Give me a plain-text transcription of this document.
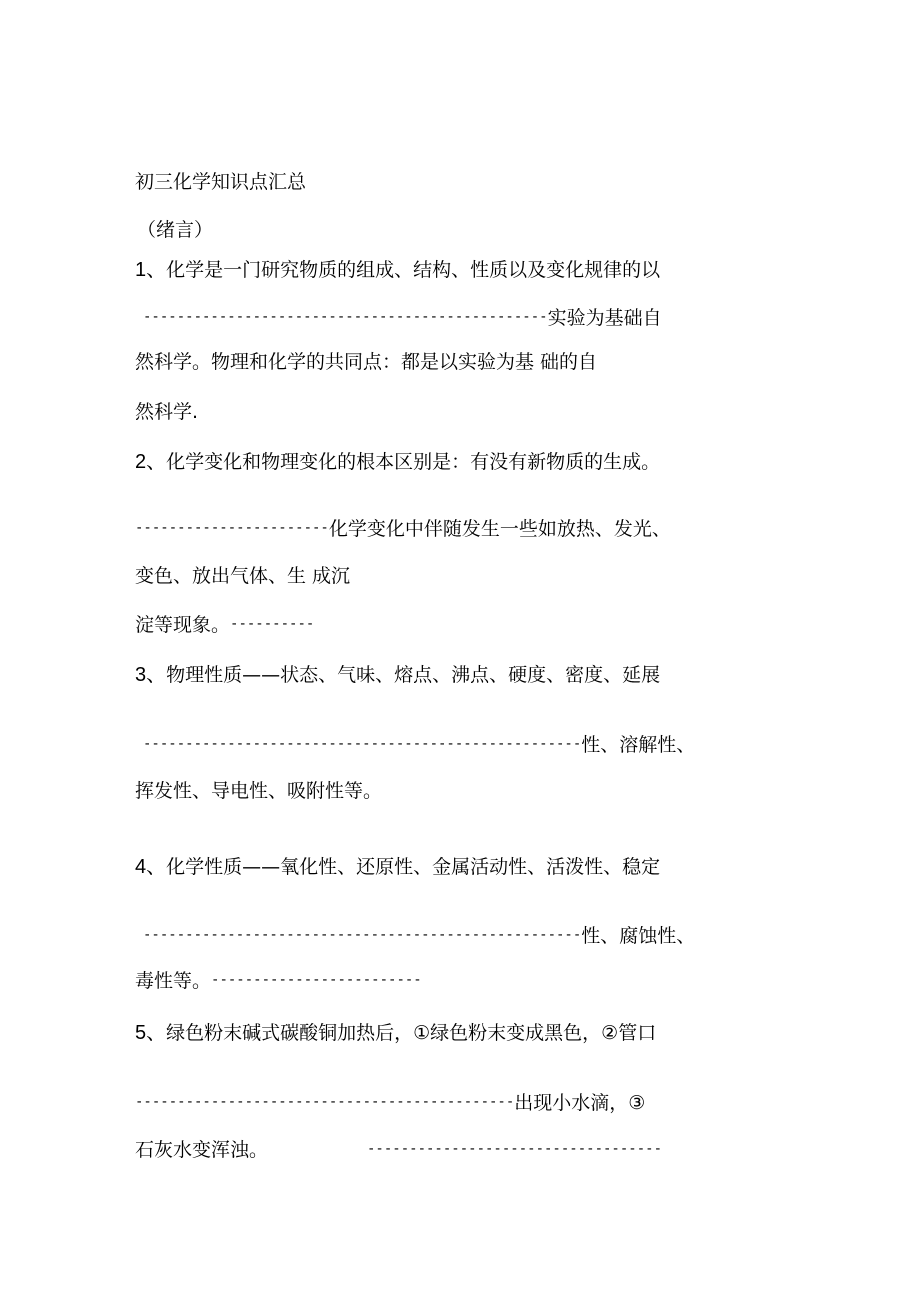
初三化学知识点汇总
（绪言）
1、化学是一门研究物质的组成、结构、性质以及变化规律的以
------------------------------------------------实验为基础自
然科学。物理和化学的共同点：都是以实验为基 础的自
然科学.
2、化学变化和物理变化的根本区别是：有没有新物质的生成。
-----------------------化学变化中伴随发生一些如放热、发光、
变色、放出气体、生 成沉
淀等现象。----------
3、物理性质——状态、气味、熔点、沸点、硬度、密度、延展
----------------------------------------------------性、溶解性、
挥发性、导电性、吸附性等。
4、化学性质——氧化性、还原性、金属活动性、活泼性、稳定
----------------------------------------------------性、腐蚀性、
毒性等。-------------------------
5、绿色粉末碱式碳酸铜加热后，①绿色粉末变成黑色，②管口
---------------------------------------------出现小水滴，③
石灰水变浑浊。	-----------------------------------
